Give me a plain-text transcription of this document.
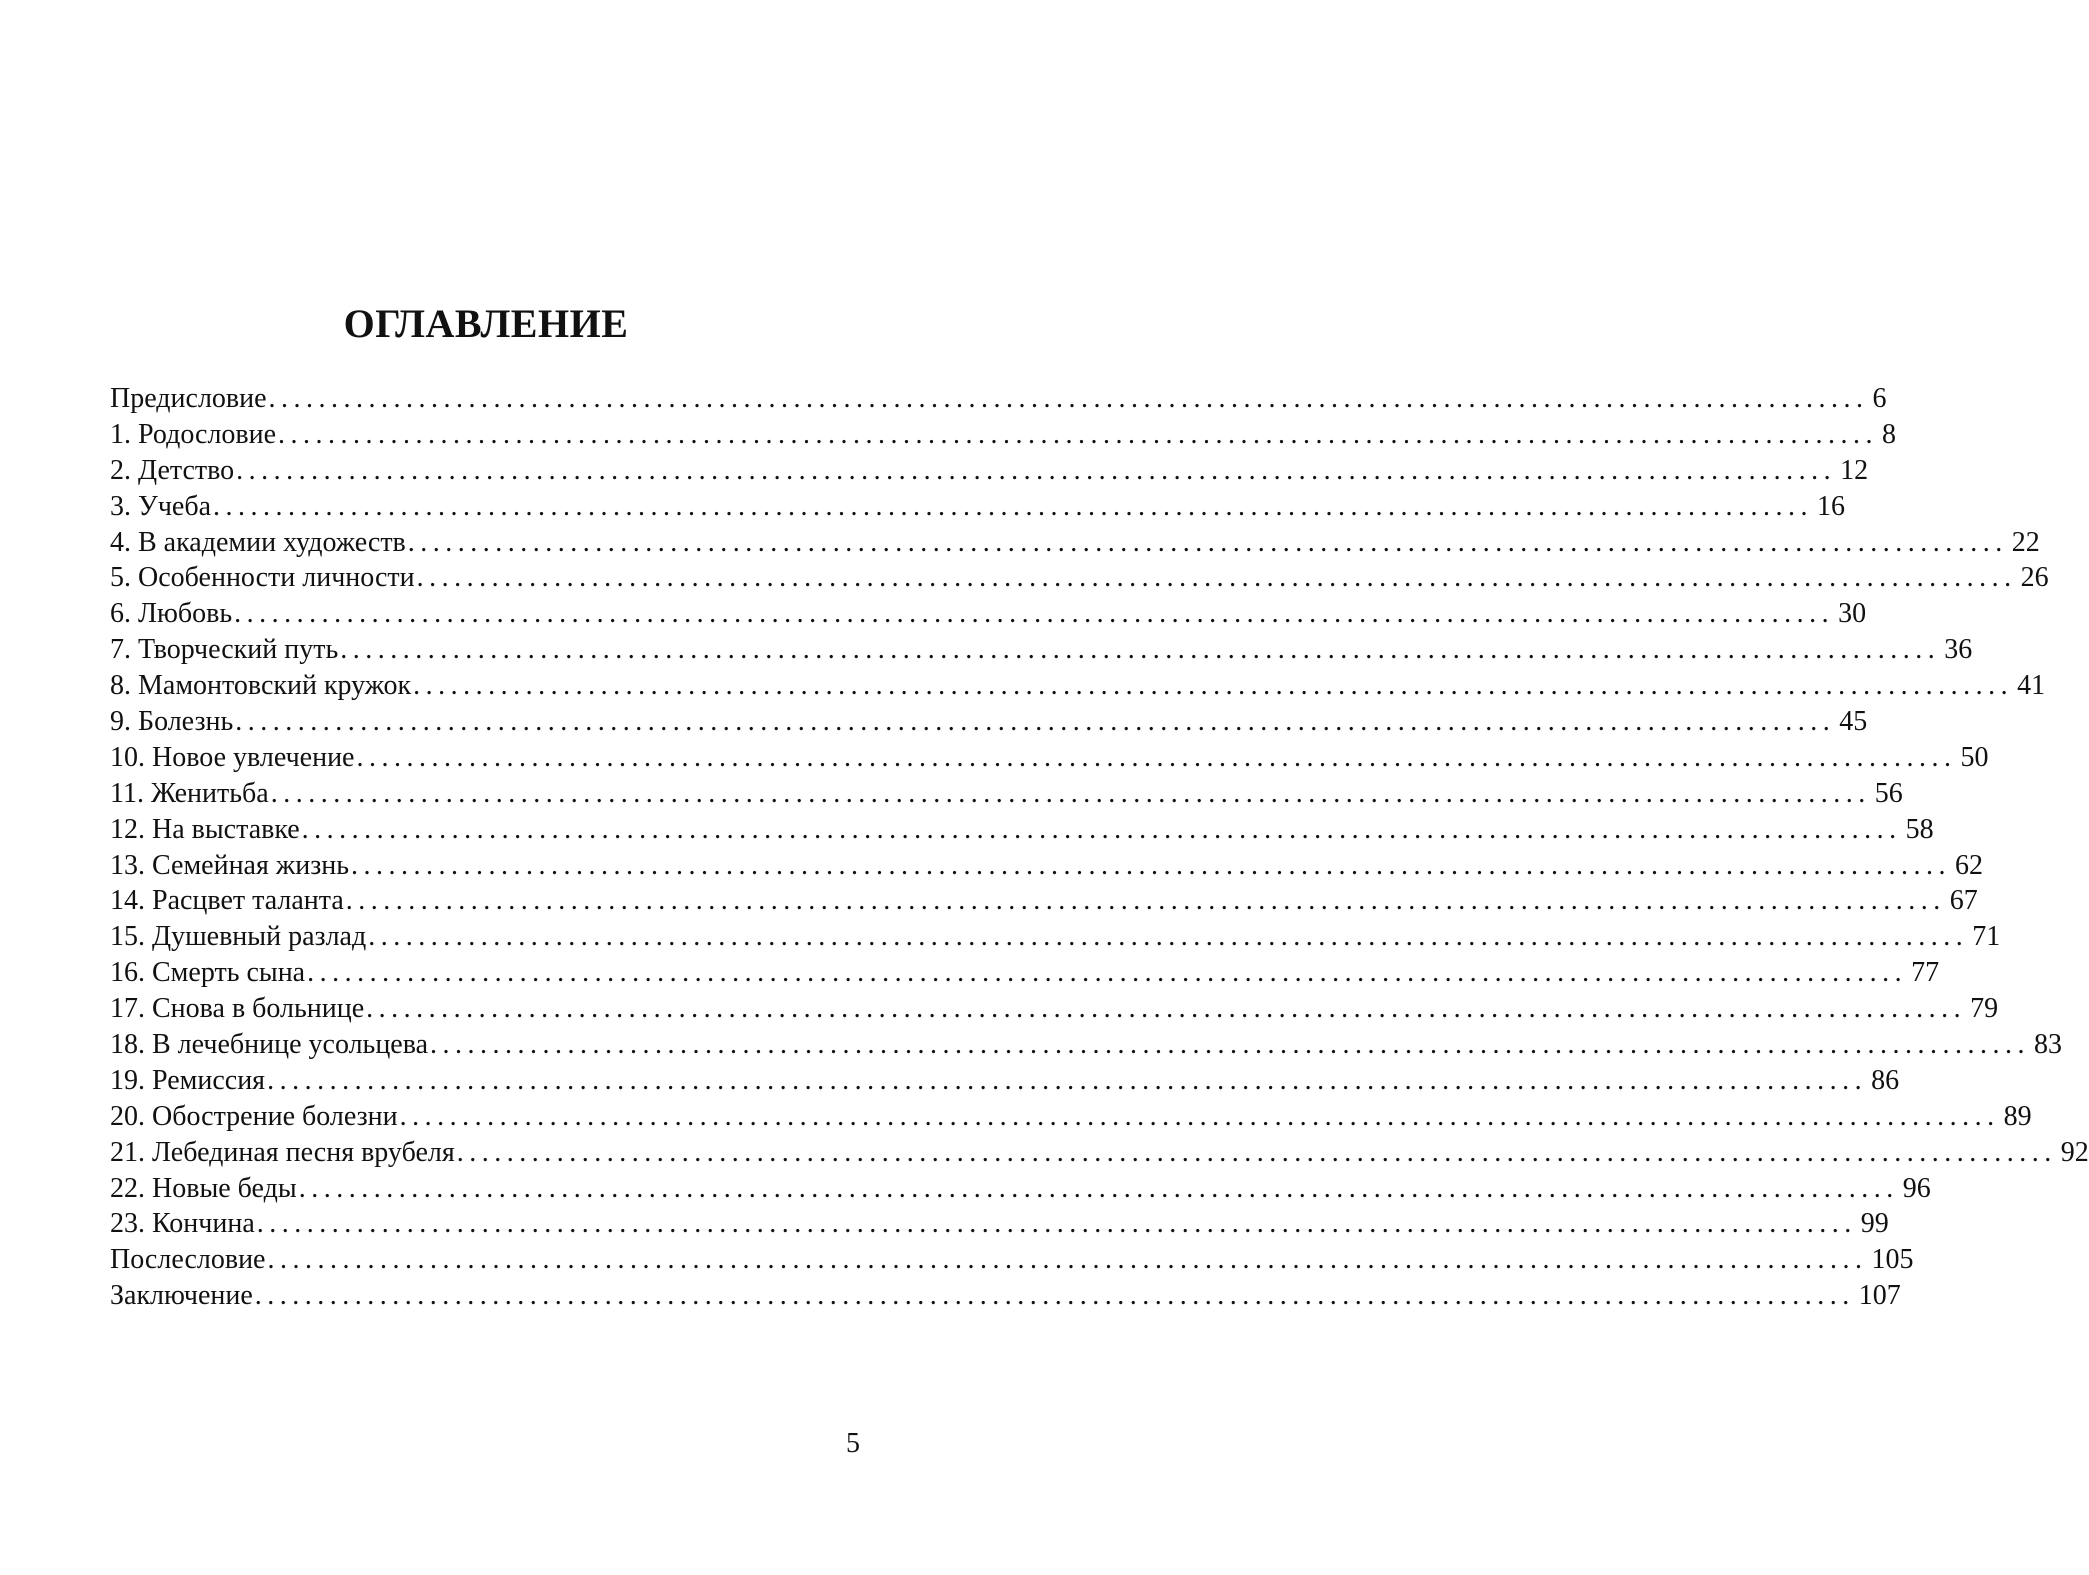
ОГЛАВЛЕНИЕ
Предисловие ................................................................................................................................ 6
1. Родословие ................................................................................................................................ 8
2. Детство ................................................................................................................................ 12
3. Учеба ................................................................................................................................ 16
4. В академии художеств ................................................................................................................................ 22
5. Особенности личности ................................................................................................................................ 26
6. Любовь ................................................................................................................................ 30
7. Творческий путь ................................................................................................................................ 36
8. Мамонтовский кружок ................................................................................................................................ 41
9. Болезнь ................................................................................................................................ 45
10. Новое увлечение ................................................................................................................................ 50
11. Женитьба ................................................................................................................................ 56
12. На выставке ................................................................................................................................ 58
13. Семейная жизнь ................................................................................................................................ 62
14. Расцвет таланта ................................................................................................................................ 67
15. Душевный разлад ................................................................................................................................ 71
16. Смерть сына ................................................................................................................................ 77
17. Снова в больнице ................................................................................................................................ 79
18. В лечебнице усольцева ................................................................................................................................ 83
19. Ремиссия ................................................................................................................................ 86
20. Обострение болезни ................................................................................................................................ 89
21. Лебединая песня врубеля ................................................................................................................................ 92
22. Новые беды ................................................................................................................................ 96
23. Кончина ................................................................................................................................ 99
Послесловие ................................................................................................................................ 105
Заключение ................................................................................................................................ 107
5
